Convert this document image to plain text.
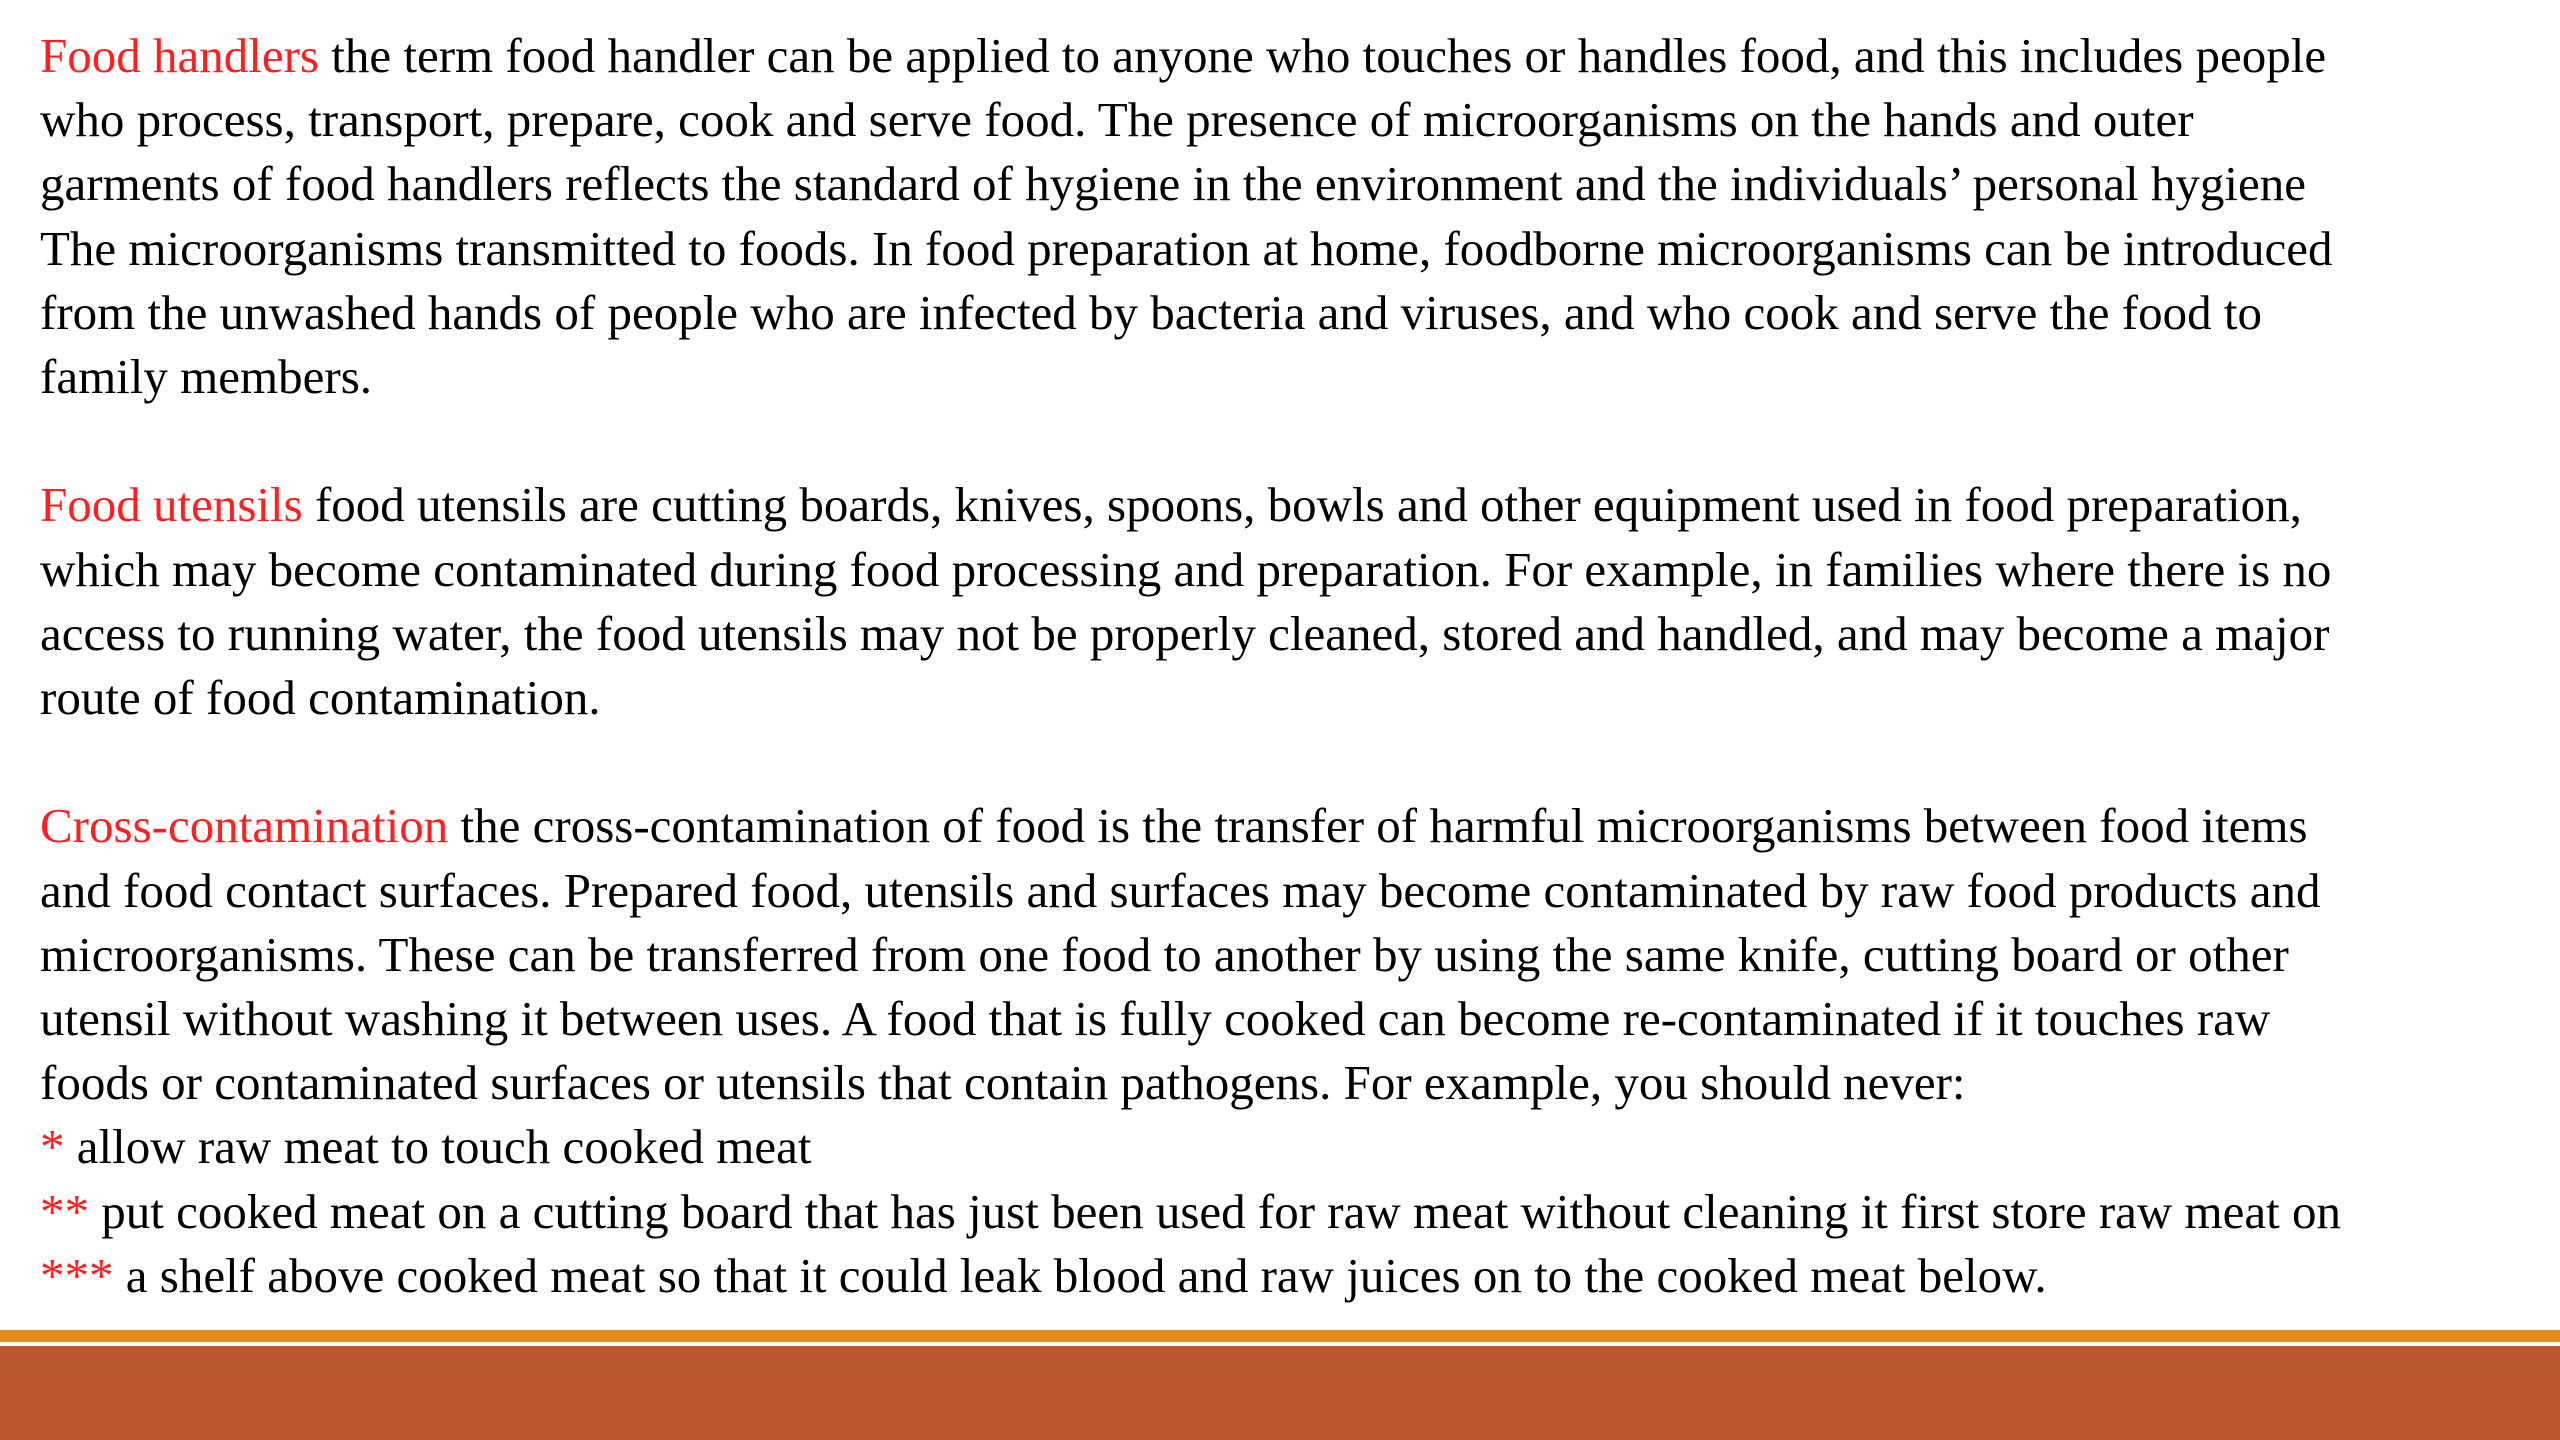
Food handlers the term food handler can be applied to anyone who touches or handles food, and this includes people
who process, transport, prepare, cook and serve food. The presence of microorganisms on the hands and outer
garments of food handlers reflects the standard of hygiene in the environment and the individuals’ personal hygiene
The microorganisms transmitted to foods. In food preparation at home, foodborne microorganisms can be introduced
from the unwashed hands of people who are infected by bacteria and viruses, and who cook and serve the food to
family members.

Food utensils food utensils are cutting boards, knives, spoons, bowls and other equipment used in food preparation,
which may become contaminated during food processing and preparation. For example, in families where there is no
access to running water, the food utensils may not be properly cleaned, stored and handled, and may become a major
route of food contamination.

Cross-contamination the cross-contamination of food is the transfer of harmful microorganisms between food items
and food contact surfaces. Prepared food, utensils and surfaces may become contaminated by raw food products and
microorganisms. These can be transferred from one food to another by using the same knife, cutting board or other
utensil without washing it between uses. A food that is fully cooked can become re-contaminated if it touches raw
foods or contaminated surfaces or utensils that contain pathogens. For example, you should never:
* allow raw meat to touch cooked meat
** put cooked meat on a cutting board that has just been used for raw meat without cleaning it first store raw meat on
*** a shelf above cooked meat so that it could leak blood and raw juices on to the cooked meat below.
